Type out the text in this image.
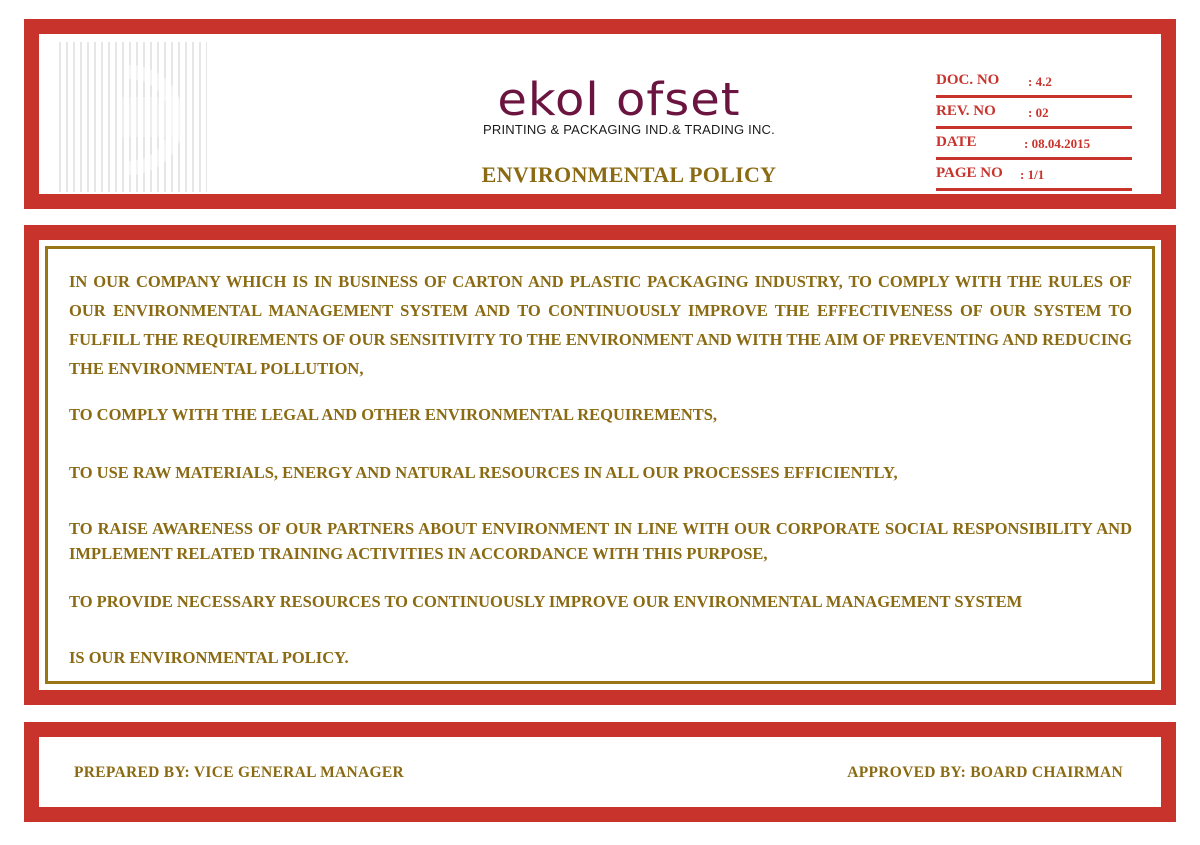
ekol ofset
PRINTING & PACKAGING IND.& TRADING INC.
ENVIRONMENTAL POLICY
DOC. NO : 4.2
REV. NO : 02
DATE	: 08.04.2015
PAGE NO : 1/1

IN OUR COMPANY WHICH IS IN BUSINESS OF CARTON AND PLASTIC PACKAGING INDUSTRY, TO COMPLY WITH THE RULES OF OUR ENVIRONMENTAL MANAGEMENT SYSTEM AND TO CONTINUOUSLY IMPROVE THE EFFECTIVENESS OF OUR SYSTEM TO FULFILL THE REQUIREMENTS OF OUR SENSITIVITY TO THE ENVIRONMENT AND WITH THE AIM OF PREVENTING AND REDUCING THE ENVIRONMENTAL POLLUTION,

TO COMPLY WITH THE LEGAL AND OTHER ENVIRONMENTAL REQUIREMENTS,

TO USE RAW MATERIALS, ENERGY AND NATURAL RESOURCES IN ALL OUR PROCESSES EFFICIENTLY,

TO RAISE AWARENESS OF OUR PARTNERS ABOUT ENVIRONMENT IN LINE WITH OUR CORPORATE SOCIAL RESPONSIBILITY AND IMPLEMENT RELATED TRAINING ACTIVITIES IN ACCORDANCE WITH THIS PURPOSE,

TO PROVIDE NECESSARY RESOURCES TO CONTINUOUSLY IMPROVE OUR ENVIRONMENTAL MANAGEMENT SYSTEM

IS OUR ENVIRONMENTAL POLICY.

PREPARED BY: VICE GENERAL MANAGER	APPROVED BY: BOARD CHAIRMAN
